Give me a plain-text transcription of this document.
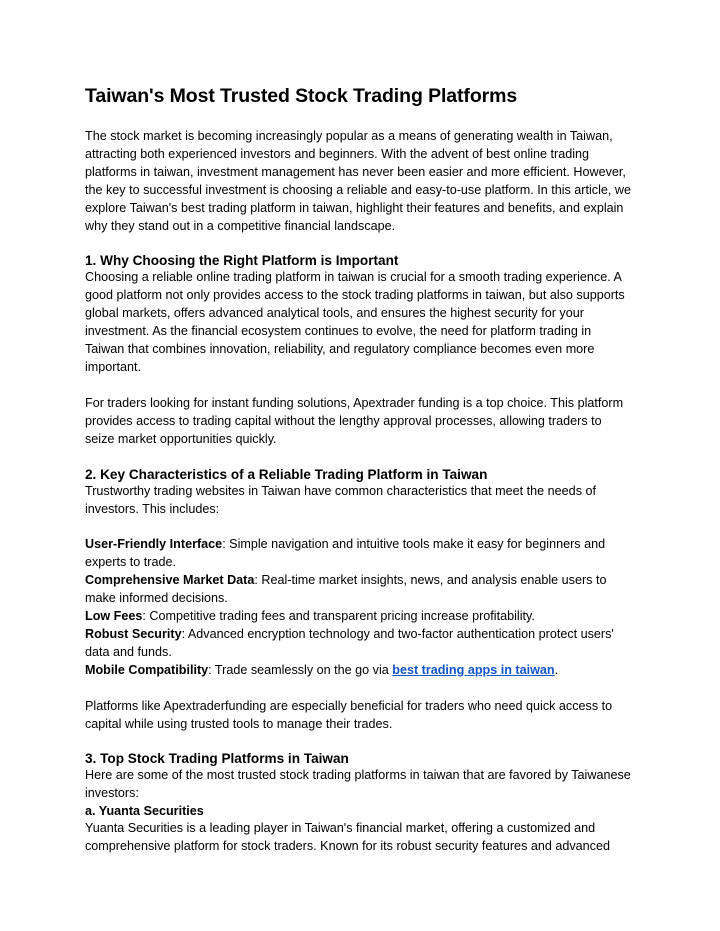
Taiwan's Most Trusted Stock Trading Platforms

The stock market is becoming increasingly popular as a means of generating wealth in Taiwan, attracting both experienced investors and beginners. With the advent of best online trading platforms in taiwan, investment management has never been easier and more efficient. However, the key to successful investment is choosing a reliable and easy-to-use platform. In this article, we explore Taiwan's best trading platform in taiwan, highlight their features and benefits, and explain why they stand out in a competitive financial landscape.

1. Why Choosing the Right Platform is Important

Choosing a reliable online trading platform in taiwan is crucial for a smooth trading experience. A good platform not only provides access to the stock trading platforms in taiwan, but also supports global markets, offers advanced analytical tools, and ensures the highest security for your investment. As the financial ecosystem continues to evolve, the need for platform trading in Taiwan that combines innovation, reliability, and regulatory compliance becomes even more important.

For traders looking for instant funding solutions, Apextrader funding is a top choice. This platform provides access to trading capital without the lengthy approval processes, allowing traders to seize market opportunities quickly.

2. Key Characteristics of a Reliable Trading Platform in Taiwan

Trustworthy trading websites in Taiwan have common characteristics that meet the needs of investors. This includes:

User-Friendly Interface: Simple navigation and intuitive tools make it easy for beginners and experts to trade.

Comprehensive Market Data: Real-time market insights, news, and analysis enable users to make informed decisions.

Low Fees: Competitive trading fees and transparent pricing increase profitability.

Robust Security: Advanced encryption technology and two-factor authentication protect users' data and funds.

Mobile Compatibility: Trade seamlessly on the go via best trading apps in taiwan.

Platforms like Apextraderfunding are especially beneficial for traders who need quick access to capital while using trusted tools to manage their trades.

3. Top Stock Trading Platforms in Taiwan

Here are some of the most trusted stock trading platforms in taiwan that are favored by Taiwanese investors:

a. Yuanta Securities

Yuanta Securities is a leading player in Taiwan's financial market, offering a customized and comprehensive platform for stock traders. Known for its robust security features and advanced
